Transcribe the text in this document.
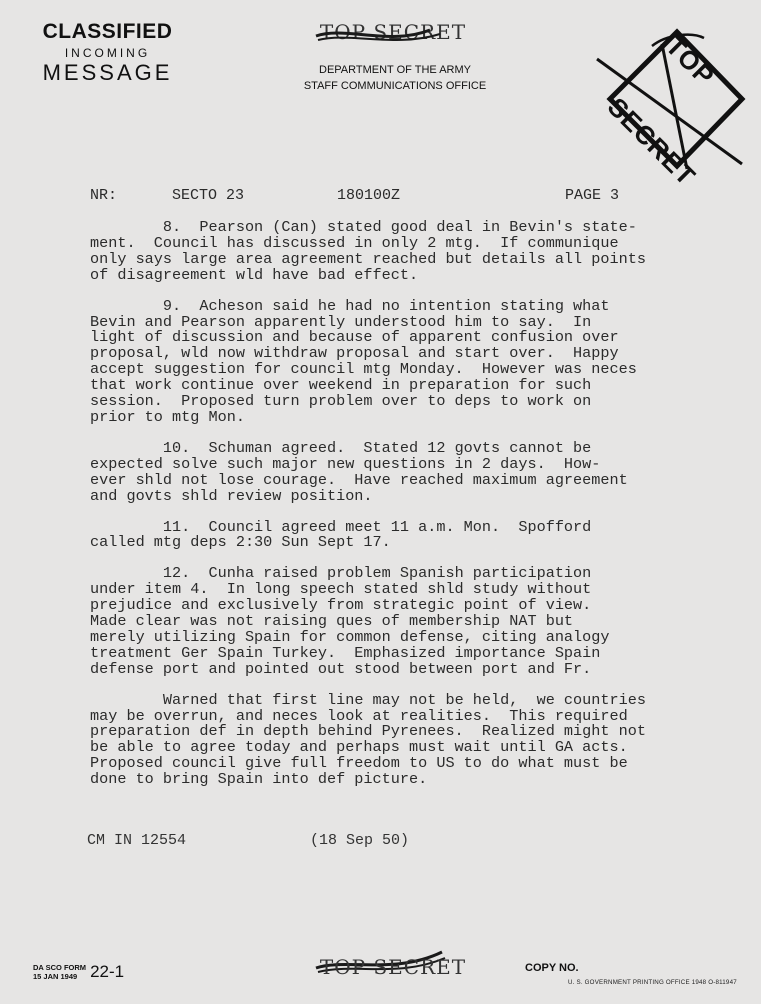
CLASSIFIED
INCOMING
MESSAGE
TOP SECRET
DEPARTMENT OF THE ARMY
STAFF COMMUNICATIONS OFFICE	TOP
SECRET
NR:	SECTO 23	180100Z	PAGE 3

8.  Pearson (Can) stated good deal in Bevin's state-
ment.  Council has discussed in only 2 mtg.  If communique
only says large area agreement reached but details all points
of disagreement wld have bad effect.

9.  Acheson said he had no intention stating what
Bevin and Pearson apparently understood him to say.  In
light of discussion and because of apparent confusion over
proposal, wld now withdraw proposal and start over.  Happy
accept suggestion for council mtg Monday.  However was neces
that work continue over weekend in preparation for such
session.  Proposed turn problem over to deps to work on
prior to mtg Mon.

10.  Schuman agreed.  Stated 12 govts cannot be
expected solve such major new questions in 2 days.  How-
ever shld not lose courage.  Have reached maximum agreement
and govts shld review position.

11.  Council agreed meet 11 a.m. Mon.  Spofford
called mtg deps 2:30 Sun Sept 17.

12.  Cunha raised problem Spanish participation
under item 4.  In long speech stated shld study without
prejudice and exclusively from strategic point of view.
Made clear was not raising ques of membership NAT but
merely utilizing Spain for common defense, citing analogy
treatment Ger Spain Turkey.  Emphasized importance Spain
defense port and pointed out stood between port and Fr.

Warned that first line may not be held,  we countries
may be overrun, and neces look at realities.  This required
preparation def in depth behind Pyrenees.  Realized might not
be able to agree today and perhaps must wait until GA acts.
Proposed council give full freedom to US to do what must be
done to bring Spain into def picture.

CM IN 12554	(18 Sep 50)
DA SCO FORM
15 JAN 1949 22-1	TOP SECRET	COPY NO.
U. S. GOVERNMENT PRINTING OFFICE 1948 O-811947
